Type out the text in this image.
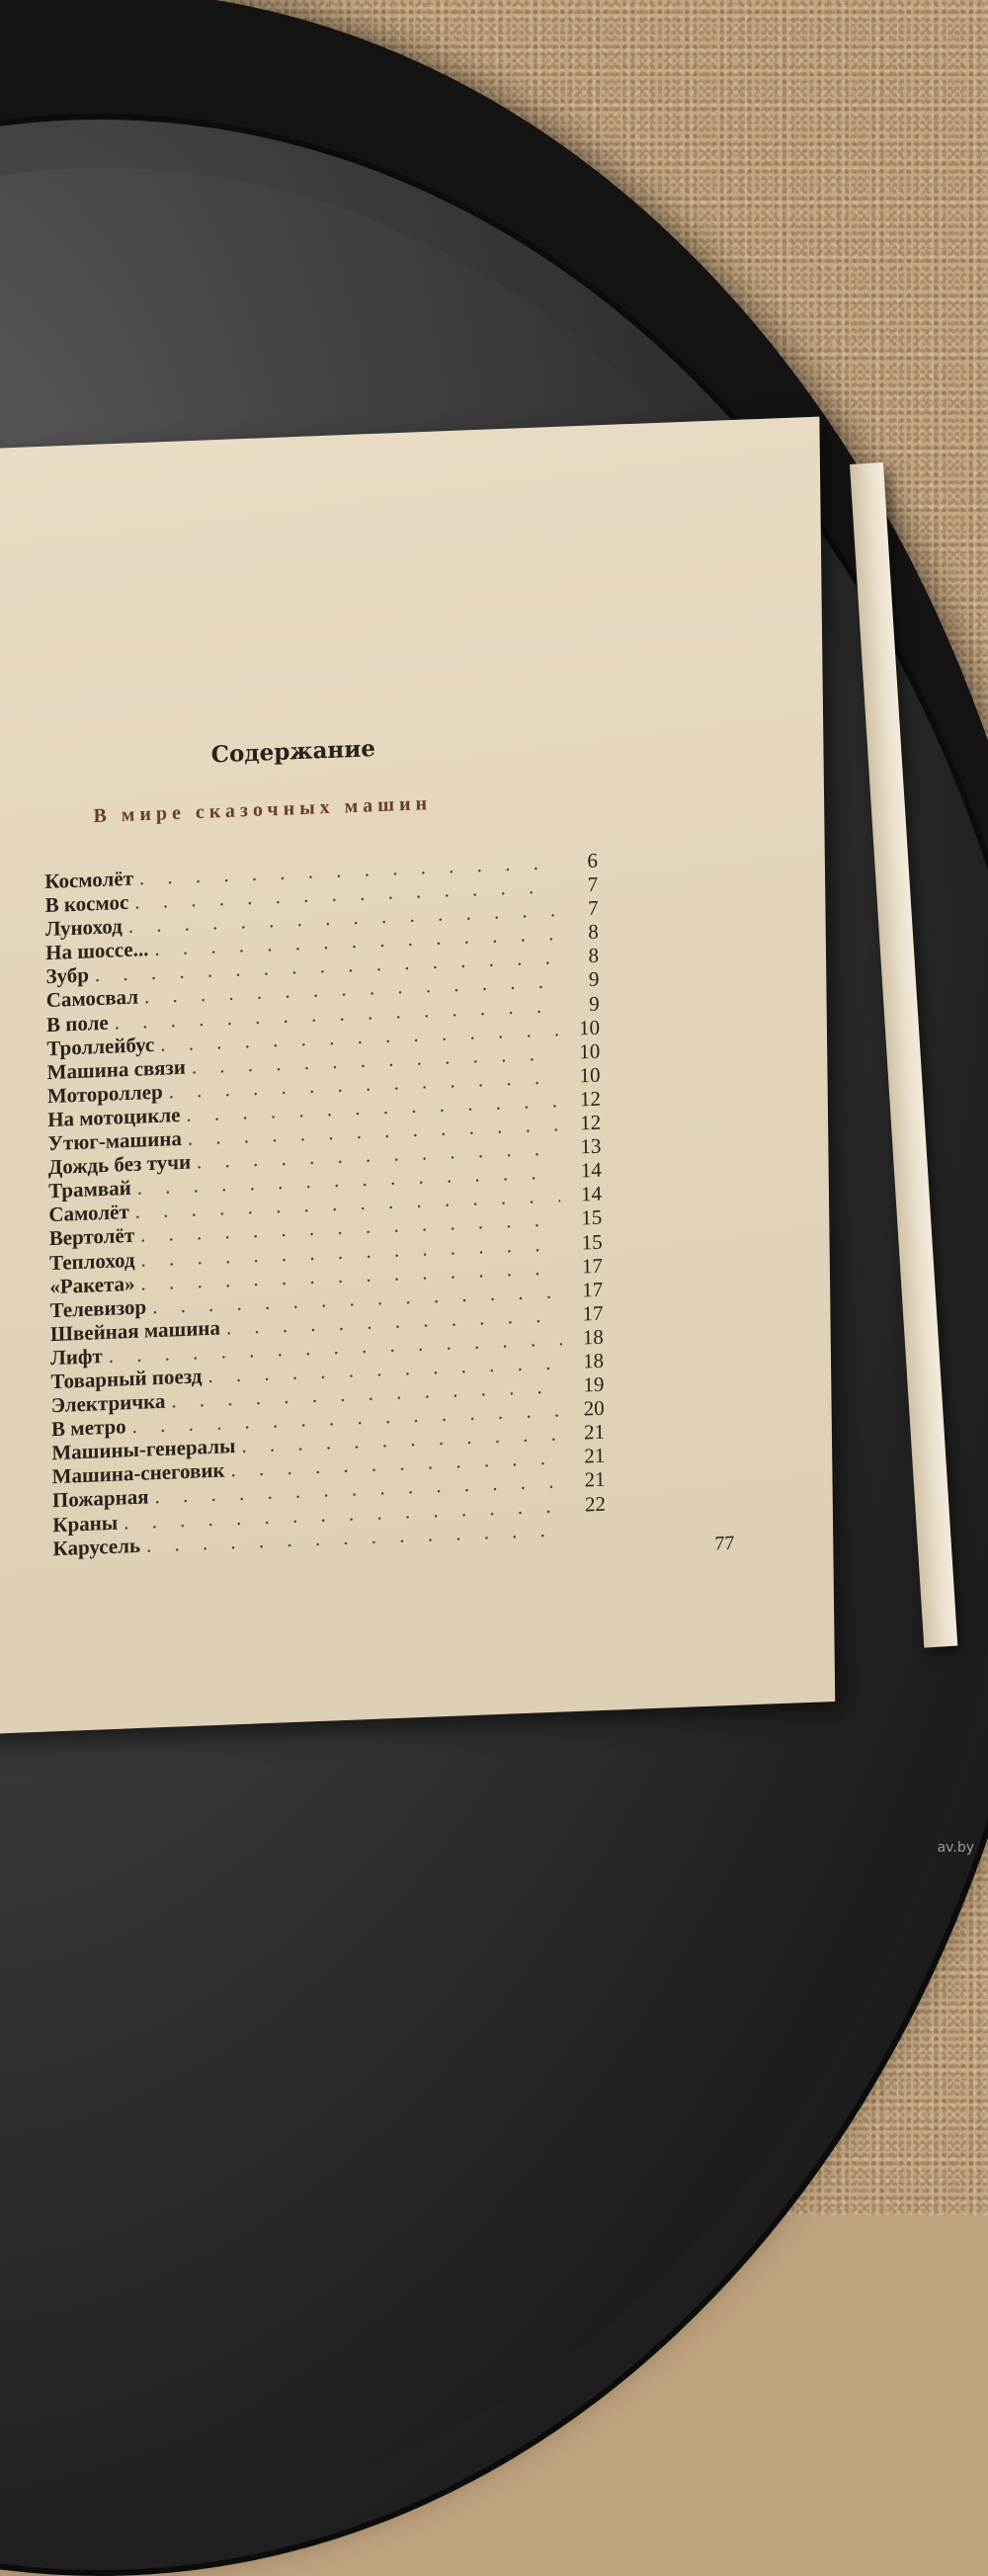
Содержание
В мире сказочных машин
Космолёт
. . .
6
В космос
. . .
7
Луноход
. . .
7
На шоссе...
. . .
8
Зубр
. . .
8
Самосвал
. . .
9
В поле
. . .
9
Троллейбус
. . .
10
Машина связи
. . .
10
Мотороллер
. . .
10
На мотоцикле
. . .
12
Утюг-машина
. . .
12
Дождь без тучи
. . .
13
Трамвай
. . .
14
Самолёт
. . .
14
Вертолёт
. . .
15
Теплоход
. . .
15
«Ракета»
. . .
17
Телевизор
. . .
17
Швейная машина
. . .
17
Лифт
. . .
18
Товарный поезд
. . .
18
Электричка
. . .
19
В метро
. . .
20
Машины-генералы
. . .
21
Машина-снеговик
. . .
21
Пожарная
. . .
21
Краны
. . .
22
Карусель
. . .	77

av.by
